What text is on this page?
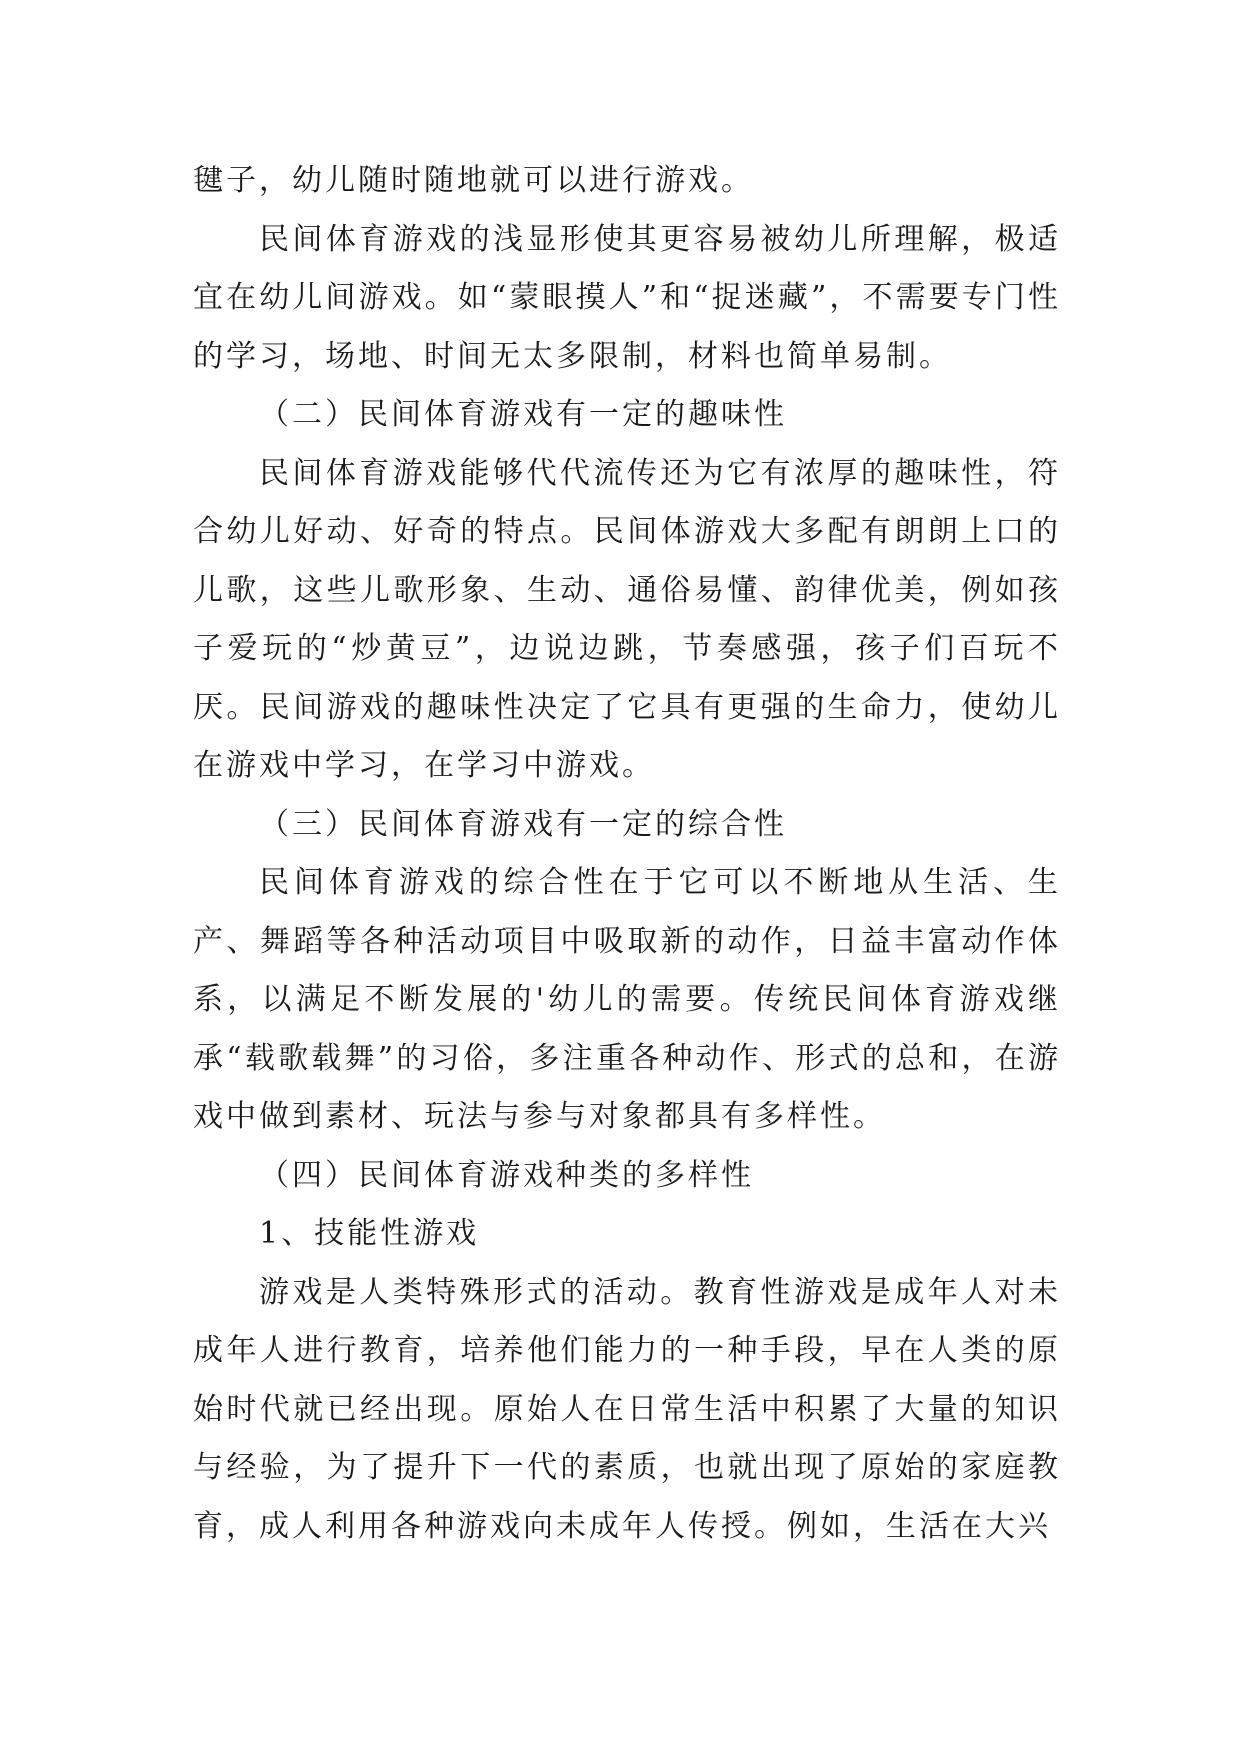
毽子，幼儿随时随地就可以进行游戏。

民间体育游戏的浅显形使其更容易被幼儿所理解，极适宜在幼儿间游戏。如“蒙眼摸人”和“捉迷藏”，不需要专门性的学习，场地、时间无太多限制，材料也简单易制。

（二）民间体育游戏有一定的趣味性

民间体育游戏能够代代流传还为它有浓厚的趣味性，符合幼儿好动、好奇的特点。民间体游戏大多配有朗朗上口的儿歌，这些儿歌形象、生动、通俗易懂、韵律优美，例如孩子爱玩的“炒黄豆”，边说边跳，节奏感强，孩子们百玩不厌。民间游戏的趣味性决定了它具有更强的生命力，使幼儿在游戏中学习，在学习中游戏。

（三）民间体育游戏有一定的综合性

民间体育游戏的综合性在于它可以不断地从生活、生产、舞蹈等各种活动项目中吸取新的动作，日益丰富动作体系，以满足不断发展的'幼儿的需要。传统民间体育游戏继承“载歌载舞”的习俗，多注重各种动作、形式的总和，在游戏中做到素材、玩法与参与对象都具有多样性。

（四）民间体育游戏种类的多样性

1、技能性游戏

游戏是人类特殊形式的活动。教育性游戏是成年人对未成年人进行教育，培养他们能力的一种手段，早在人类的原始时代就已经出现。原始人在日常生活中积累了大量的知识与经验，为了提升下一代的素质，也就出现了原始的家庭教育，成人利用各种游戏向未成年人传授。例如，生活在大兴
